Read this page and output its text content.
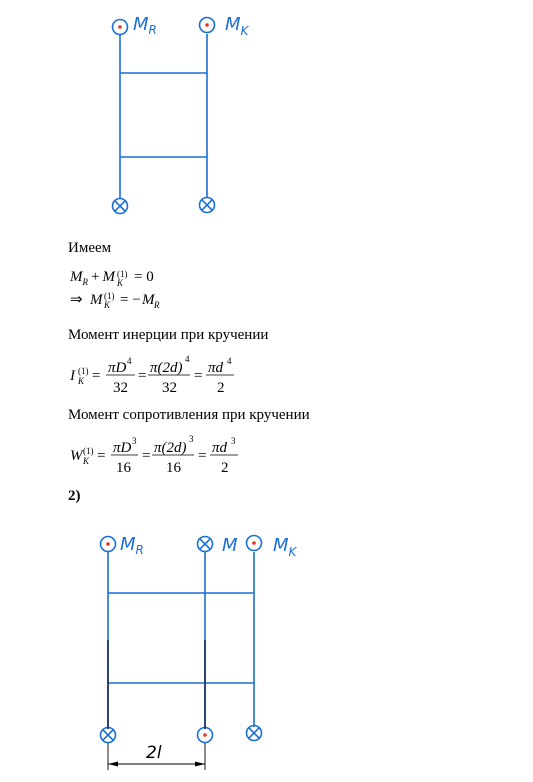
$M_R$	$M_K$
Имеем
$M_R + M$ (1)
K = 0
⇒ M (1)
K = − M R
Момент инерции при кручении
I (1)
K = πD 4
32
= π(2d)
4
32
= πd 4
2
Момент сопротивления при кручении
W (1)
K = πD 3
16
= π(2d)
3
16
= πd 3
2
2)
$M_R$	M $M_K$
2l
